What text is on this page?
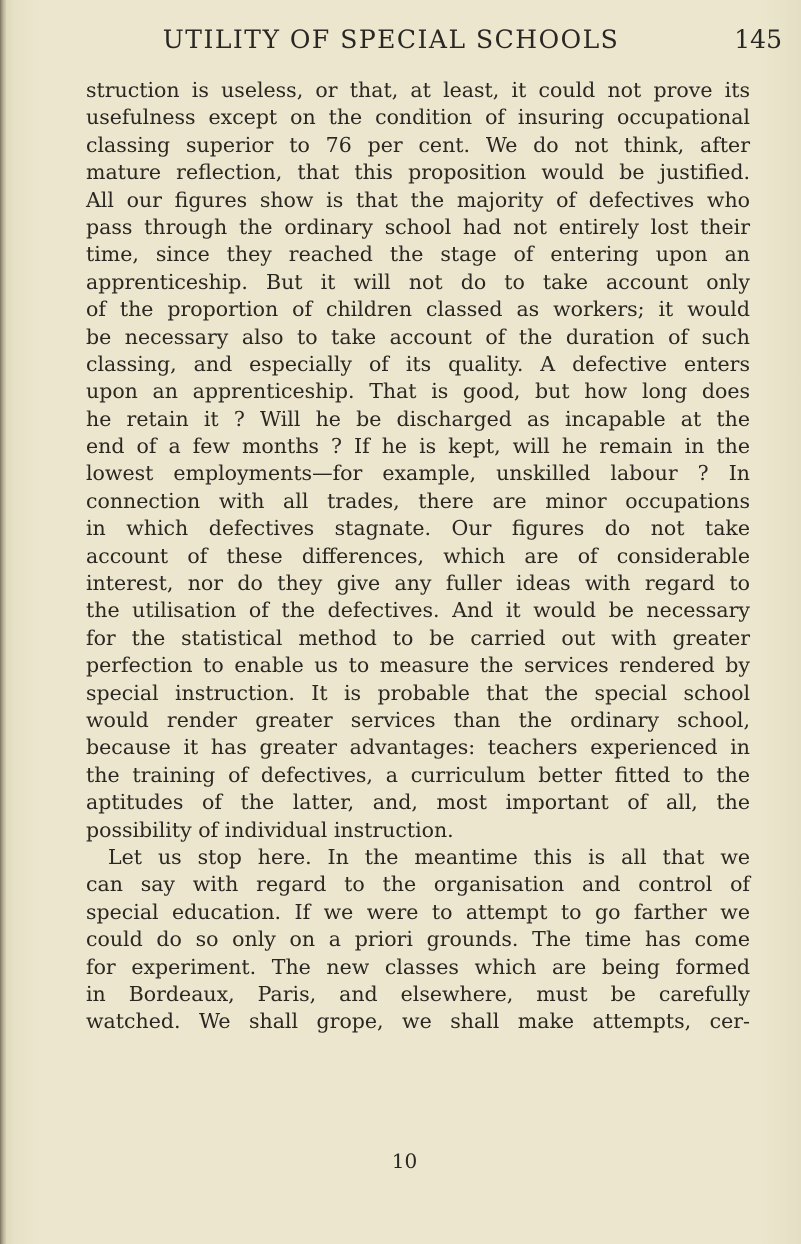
UTILITY OF SPECIAL SCHOOLS	145
struction is useless, or that, at least, it could not prove its
usefulness except on the condition of insuring occupational
classing superior to 76 per cent. We do not think, after
mature reflection, that this proposition would be justified.
All our figures show is that the majority of defectives who
pass through the ordinary school had not entirely lost their
time, since they reached the stage of entering upon an
apprenticeship. But it will not do to take account only
of the proportion of children classed as workers; it would
be necessary also to take account of the duration of such
classing, and especially of its quality. A defective enters
upon an apprenticeship. That is good, but how long does
he retain it ? Will he be discharged as incapable at the
end of a few months ? If he is kept, will he remain in the
lowest employments—for example, unskilled labour ? In
connection with all trades, there are minor occupations
in which defectives stagnate. Our figures do not take
account of these differences, which are of considerable
interest, nor do they give any fuller ideas with regard to
the utilisation of the defectives. And it would be necessary
for the statistical method to be carried out with greater
perfection to enable us to measure the services rendered by
special instruction. It is probable that the special school
would render greater services than the ordinary school,
because it has greater advantages: teachers experienced in
the training of defectives, a curriculum better fitted to the
aptitudes of the latter, and, most important of all, the
possibility of individual instruction.
Let us stop here. In the meantime this is all that we
can say with regard to the organisation and control of
special education. If we were to attempt to go farther we
could do so only on a priori grounds. The time has come
for experiment. The new classes which are being formed
in Bordeaux, Paris, and elsewhere, must be carefully
watched. We shall grope, we shall make attempts, cer-
10
